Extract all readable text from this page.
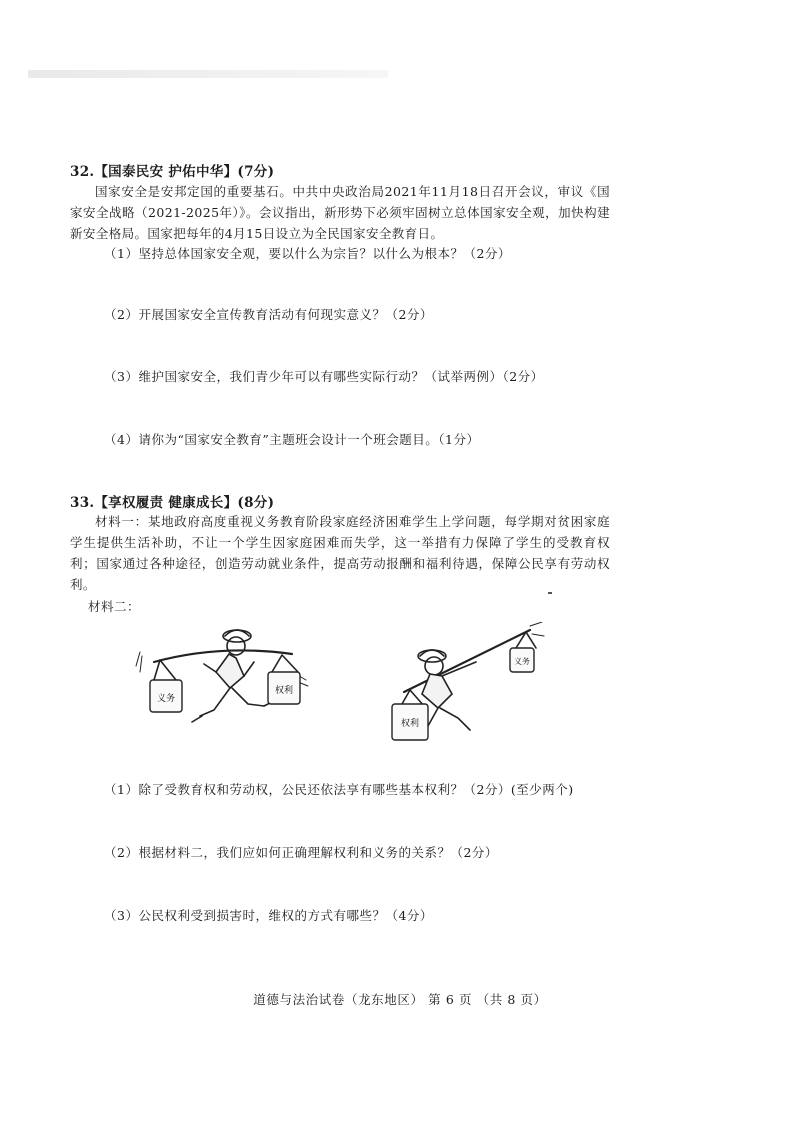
32.【国泰民安 护佑中华】(7分)
国家安全是安邦定国的重要基石。中共中央政治局2021年11月18日召开会议，审议《国家安全战略（2021-2025年）》。会议指出，新形势下必须牢固树立总体国家安全观，加快构建新安全格局。国家把每年的4月15日设立为全民国家安全教育日。
（1）坚持总体国家安全观，要以什么为宗旨？以什么为根本？（2分）
（2）开展国家安全宣传教育活动有何现实意义？（2分）
（3）维护国家安全，我们青少年可以有哪些实际行动？（试举两例）（2分）
（4）请你为“国家安全教育”主题班会设计一个班会题目。（1分）
33.【享权履责 健康成长】(8分)
材料一：某地政府高度重视义务教育阶段家庭经济困难学生上学问题，每学期对贫困家庭学生提供生活补助，不让一个学生因家庭困难而失学，这一举措有力保障了学生的受教育权利；国家通过各种途径，创造劳动就业条件，提高劳动报酬和福利待遇，保障公民享有劳动权利。
材料二：
义务
权利
权利
义务
（1）除了受教育权和劳动权，公民还依法享有哪些基本权利？（2分）(至少两个)
（2）根据材料二，我们应如何正确理解权利和义务的关系？（2分）
（3）公民权利受到损害时，维权的方式有哪些？（4分）
道德与法治试卷（龙东地区） 第 6 页 （共 8 页）
